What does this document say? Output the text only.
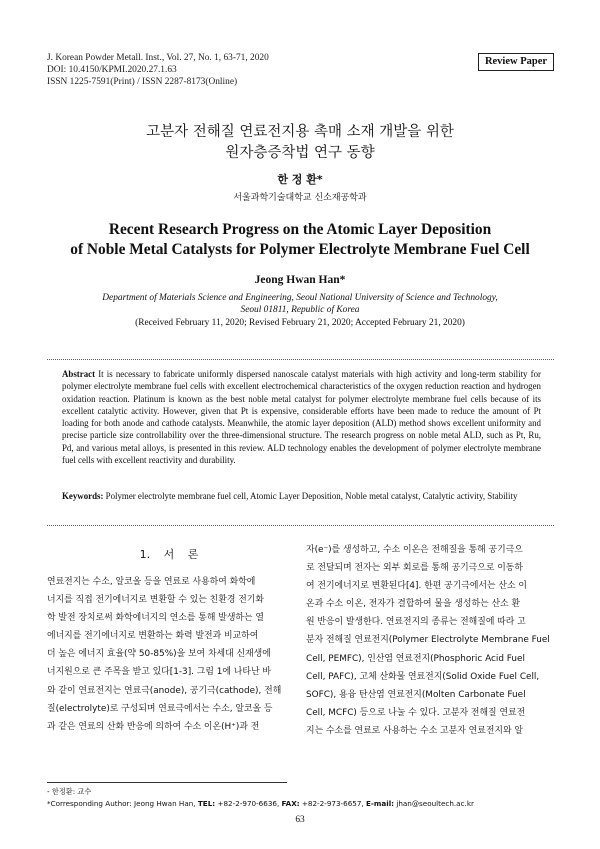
J. Korean Powder Metall. Inst., Vol. 27, No. 1, 63-71, 2020
DOI: 10.4150/KPMI.2020.27.1.63
ISSN 1225-7591(Print) / ISSN 2287-8173(Online)
Review Paper
고분자 전해질 연료전지용 촉매 소재 개발을 위한
원자층증착법 연구 동향
한 정 환*
서울과학기술대학교 신소재공학과
Recent Research Progress on the Atomic Layer Deposition
of Noble Metal Catalysts for Polymer Electrolyte Membrane Fuel Cell
Jeong Hwan Han*
Department of Materials Science and Engineering, Seoul National University of Science and Technology,
Seoul 01811, Republic of Korea
(Received February 11, 2020; Revised February 21, 2020; Accepted February 21, 2020)
Abstract It is necessary to fabricate uniformly dispersed nanoscale catalyst materials with high activity and long-term stability for polymer electrolyte membrane fuel cells with excellent electrochemical characteristics of the oxygen reduction reaction and hydrogen oxidation reaction. Platinum is known as the best noble metal catalyst for polymer electrolyte membrane fuel cells because of its excellent catalytic activity. However, given that Pt is expensive, considerable efforts have been made to reduce the amount of Pt loading for both anode and cathode catalysts. Meanwhile, the atomic layer deposition (ALD) method shows excellent uniformity and precise particle size controllability over the three-dimensional structure. The research progress on noble metal ALD, such as Pt, Ru, Pd, and various metal alloys, is presented in this review. ALD technology enables the development of polymer electrolyte membrane fuel cells with excellent reactivity and durability.
Keywords: Polymer electrolyte membrane fuel cell, Atomic Layer Deposition, Noble metal catalyst, Catalytic activity, Stability
1. 서 론
연료전지는 수소, 알코올 등을 연료로 사용하여 화학에
너지를 직접 전기에너지로 변환할 수 있는 친환경 전기화
학 발전 장치로써 화학에너지의 연소를 통해 발생하는 열
에너지를 전기에너지로 변환하는 화력 발전과 비교하여
더 높은 에너지 효율(약 50-85%)을 보여 차세대 신재생에
너지원으로 큰 주목을 받고 있다[1-3]. 그림 1에 나타난 바
와 같이 연료전지는 연료극(anode), 공기극(cathode), 전해
질(electrolyte)로 구성되며 연료극에서는 수소, 알코올 등
과 같은 연료의 산화 반응에 의하여 수소 이온(H⁺)과 전
자(e⁻)를 생성하고, 수소 이온은 전해질을 통해 공기극으
로 전달되며 전자는 외부 회로를 통해 공기극으로 이동하
여 전기에너지로 변환된다[4]. 한편 공기극에서는 산소 이
온과 수소 이온, 전자가 결합하여 물을 생성하는 산소 환
원 반응이 발생한다. 연료전지의 종류는 전해질에 따라 고
분자 전해질 연료전지(Polymer Electrolyte Membrane Fuel
Cell, PEMFC), 인산염 연료전지(Phosphoric Acid Fuel
Cell, PAFC), 고체 산화물 연료전지(Solid Oxide Fuel Cell,
SOFC), 용융 탄산염 연료전지(Molten Carbonate Fuel
Cell, MCFC) 등으로 나눌 수 있다. 고분자 전해질 연료전
지는 수소를 연료로 사용하는 수소 고분자 연료전지와 알
- 한정환: 교수
*Corresponding Author: Jeong Hwan Han, TEL: +82-2-970-6636, FAX: +82-2-973-6657, E-mail: jhan@seoultech.ac.kr
63
